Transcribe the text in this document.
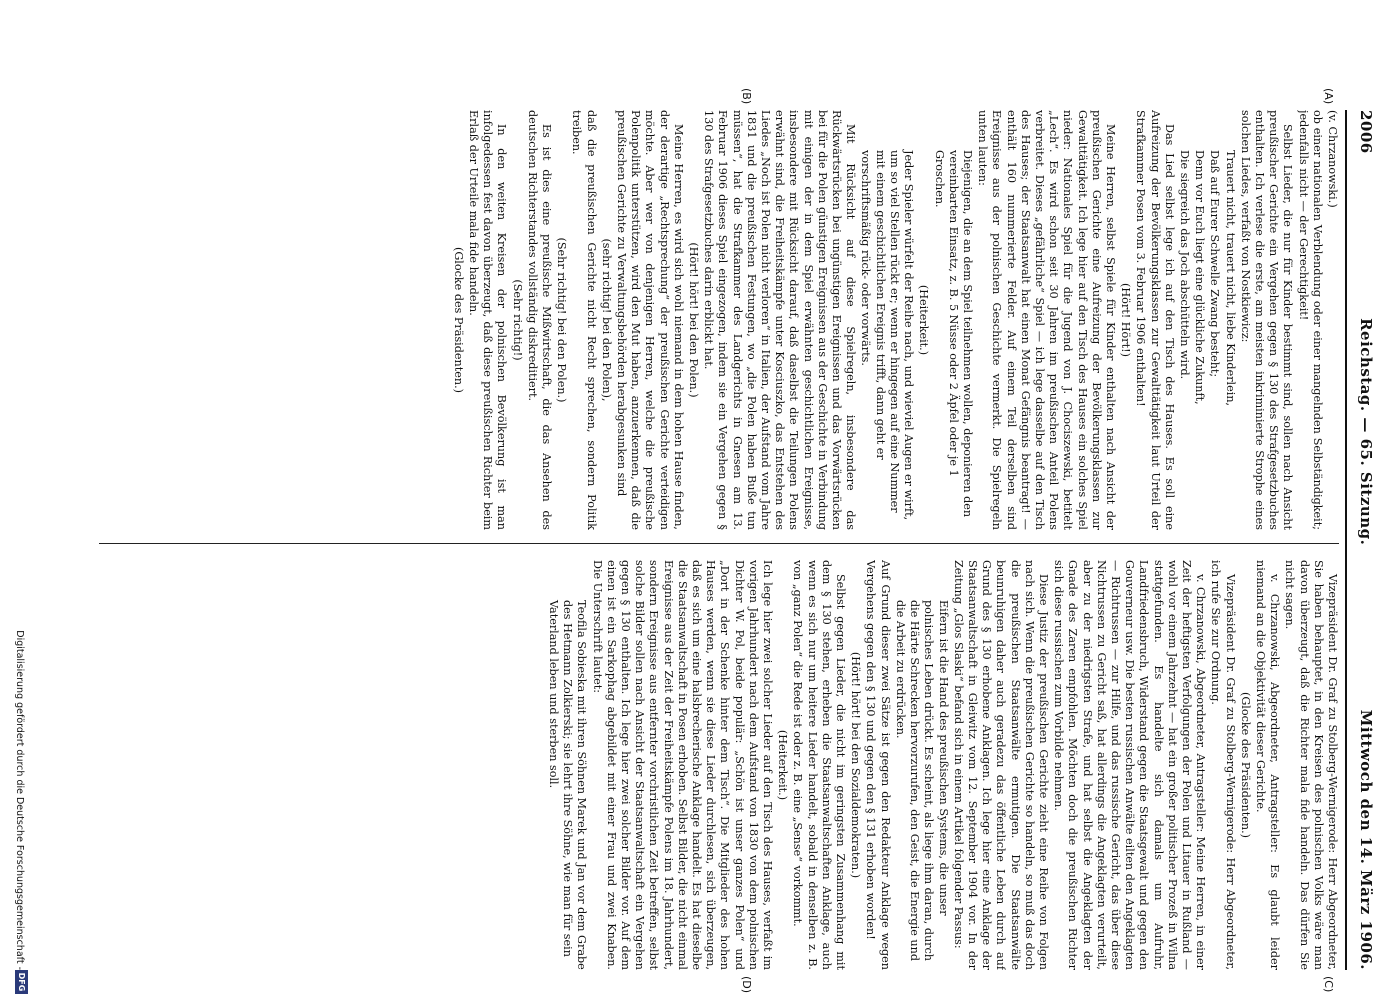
2006
Reichstag. — 65. Sitzung.
Mittwoch den 14. März 1906.
(A)
(B)
(C)
(D)

(v. Chrzanowski.)

ob einer nationalen Verblendung oder einer mangelnden Selbständigkeit; jedenfalls nicht — der Gerechtigkeit!

Selbst Lieder, die nur für Kinder bestimmt sind, sollen nach Ansicht preußischer Gerichte ein Vergehen gegen § 130 des Strafgesetzbuches enthalten. Ich verlese die erste, am meisten inkriminierte Strophe eines solchen Liedes, verfaßt von Nostkiewicz:

Trauert nicht, trauert nicht, liebe Kinderlein,

Daß auf Eurer Schwelle Zwang besteht;

Denn vor Euch liegt eine glückliche Zukunft,

Die siegreich das Joch abschütteln wird.

Das Lied selbst lege ich auf den Tisch des Hauses. Es soll eine Aufreizung der Bevölkerungsklassen zur Gewalttätigkeit laut Urteil der Strafkammer Posen vom 3. Februar 1906 enthalten!

(Hört! Hört!)

Meine Herren, selbst Spiele für Kinder enthalten nach Ansicht der preußischen Gerichte eine Aufreizung der Bevölkerungsklassen zur Gewalttätigkeit. Ich lege hier auf den Tisch des Hauses ein solches Spiel nieder: Nationales Spiel für die Jugend von J. Chociszewski, betitelt „Lech“. Es wird schon seit 30 Jahren im preußischen Anteil Polens verbreitet. Dieses „gefährliche“ Spiel — ich lege dasselbe auf den Tisch des Hauses; der Staatsanwalt hat einen Monat Gefängnis beantragt! — enthält 160 nummerierte Felder. Auf einem Teil derselben sind Ereignisse aus der polnischen Geschichte vermerkt. Die Spielregeln unten lauten:

Diejenigen, die an dem Spiel teilnehmen wollen, deponieren den vereinbarten Einsatz, z. B. 5 Nüsse oder 2 Äpfel oder je 1 Groschen.

(Heiterkeit.)

Jeder Spieler würfelt der Reihe nach, und wieviel Augen er wirft, um so viel Stellen rückt er; wenn er hingegen auf eine Nummer mit einem geschichtlichen Ereignis trifft, dann geht er vorschriftsmäßig rück- oder vorwärts.

Mit Rücksicht auf diese Spielregeln, insbesondere das Rückwärtsrücken bei ungünstigen Ereignissen und das Vorwärtsrücken bei für die Polen günstigen Ereignissen aus der Geschichte in Verbindung mit einigen der in dem Spiel erwähnten geschichtlichen Ereignisse, insbesondere mit Rücksicht darauf, daß daselbst die Teilungen Polens erwähnt sind, die Freiheitskämpfe unter Kosciuszko, das Entstehen des Liedes „Noch ist Polen nicht verloren“ in Italien, der Aufstand vom Jahre 1831 und die preußischen Festungen, wo „die Polen haben Buße tun müssen“, hat die Strafkammer des Landgerichts in Gnesen am 13. Februar 1906 dieses Spiel eingezogen, indem sie ein Vergehen gegen § 130 des Strafgesetzbuches darin erblickt hat.

(Hört! hört! bei den Polen.)

Meine Herren, es wird sich wohl niemand in dem hohen Hause finden, der derartige „Rechtsprechung“ der preußischen Gerichte verteidigen möchte. Aber wer von denjenigen Herren, welche die preußische Polenpolitik unterstützen, wird den Mut haben, anzuerkennen, daß die preußischen Gerichte zu Verwaltungsbehörden herabgesunken sind

(sehr richtig! bei den Polen),

daß die preußischen Gerichte nicht Recht sprechen, sondern Politik treiben.

(Sehr richtig! bei den Polen.)

Es ist dies eine preußische Mißwirtschaft, die das Ansehen des deutschen Richterstandes vollständig diskreditiert.

(Sehr richtig!)

In den weiten Kreisen der polnischen Bevölkerung ist man infolgedessen fest davon überzeugt, daß diese preußischen Richter beim Erlaß der Urteile mala fide handeln.

(Glocke des Präsidenten.)

Vizepräsident Dr. Graf zu Stolberg-Wernigerode: Herr Abgeordneter, Sie haben behauptet, in den Kreisen des polnischen Volks wäre man davon überzeugt, daß die Richter mala fide handeln. Das dürfen Sie nicht sagen.

v. Chrzanowski, Abgeordneter, Antragsteller: Es glaubt leider niemand an die Objektivität dieser Gerichte.

(Glocke des Präsidenten.)

Vizepräsident Dr. Graf zu Stolberg-Wernigerode: Herr Abgeordneter, ich rufe Sie zur Ordnung.

v. Chrzanowski, Abgeordneter, Antragsteller: Meine Herren, in einer Zeit der heftigsten Verfolgungen der Polen und Litauer in Rußland — wohl vor einem Jahrzehnt — hat ein großer politischer Prozeß in Wilna stattgefunden. Es handelte sich damals um Aufruhr, Landfriedensbruch, Widerstand gegen die Staatsgewalt und gegen den Gouverneur usw. Die besten russischen Anwälte eilten den Angeklagten — Richtrussen — zur Hilfe, und das russische Gericht, das über diese Nichtrussen zu Gericht saß, hat allerdings die Angeklagten verurteilt, aber zu der niedrigsten Strafe, und hat selbst die Angeklagten der Gnade des Zaren empfohlen. Möchten doch die preußischen Richter sich diese russischen zum Vorbilde nehmen.

Diese Justiz der preußischen Gerichte zieht eine Reihe von Folgen nach sich. Wenn die preußischen Gerichte so handeln, so muß das doch die preußischen Staatsanwälte ermutigen. Die Staatsanwälte beunruhigen daher auch geradezu das öffentliche Leben durch auf Grund des § 130 erhobene Anklagen. Ich lege hier eine Anklage der Staatsanwaltschaft in Gleiwitz vom 12. September 1904 vor. In der Zeitung „Glos Slaski“ befand sich in einem Artikel folgender Passus:

Eifern ist die Hand des preußischen Systems, die unser polnisches Leben drückt. Es scheint, als liege ihm daran, durch die Härte Schrecken hervorzurufen, den Geist, die Energie und die Arbeit zu erdrücken.

Auf Grund dieser zwei Sätze ist gegen den Redakteur Anklage wegen Vergehens gegen den § 130 und gegen den § 131 erhoben worden!

(Hört! hört! bei den Sozialdemokraten.)

Selbst gegen Lieder, die nicht im geringsten Zusammenhang mit dem § 130 stehen, erheben die Staatsanwaltschaften Anklage, auch wenn es sich nur um heitere Lieder handelt, sobald in denselben z. B. von „ganz Polen“ die Rede ist oder z. B. eine „Sense“ vorkommt.

(Heiterkeit.)

Ich lege hier zwei solcher Lieder auf den Tisch des Hauses, verfaßt im vorigen Jahrhundert nach dem Aufstand von 1830 von dem polnischen Dichter W. Pol, beide populär: „Schön ist unser ganzes Polen“ und „Dort in der Schenke hinter dem Tisch“. Die Mitglieder des hohen Hauses werden, wenn sie diese Lieder durchlesen, sich überzeugen, daß es sich um eine halsbrecherische Anklage handelt. Es hat dieselbe die Staatsanwaltschaft in Posen erhoben. Selbst Bilder, die nicht einmal Ereignisse aus der Zeit der Freiheitskämpfe Polens im 18. Jahrhundert, sondern Ereignisse aus entfernter vorchristlichen Zeit betreffen, selbst solche Bilder sollen nach Ansicht der Staatsanwaltschaft ein Vergehen gegen § 130 enthalten. Ich lege hier zwei solcher Bilder vor. Auf dem einen ist ein Sarkophag abgebildet mit einer Frau und zwei Knaben. Die Unterschrift lautet:

Teofila Sobieska mit ihren Söhnen Marek und Jan vor dem Grabe des Hetmann Zolkierski; sie lehrt ihre Söhne, wie man für sein Vaterland leben und sterben soll.

Digitalisierung gefördert durch die Deutsche Forschungsgemeinschaft -
DFG
